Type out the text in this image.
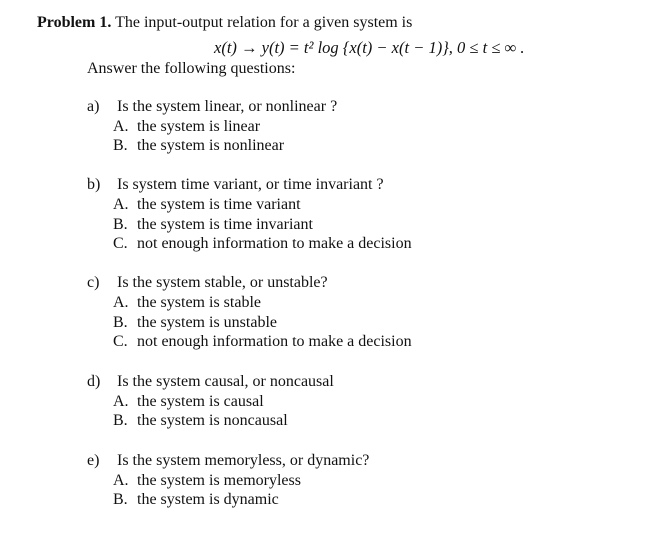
Problem 1. The input-output relation for a given system is
x(t) → y(t) = t² log {x(t) − x(t − 1)}, 0 ≤ t ≤ ∞ .
Answer the following questions:
a) Is the system linear, or nonlinear ?
A. the system is linear
B. the system is nonlinear
b) Is system time variant, or time invariant ?
A. the system is time variant
B. the system is time invariant
C. not enough information to make a decision
c) Is the system stable, or unstable?
A. the system is stable
B. the system is unstable
C. not enough information to make a decision
d) Is the system causal, or noncausal
A. the system is causal
B. the system is noncausal
e) Is the system memoryless, or dynamic?
A. the system is memoryless
B. the system is dynamic
